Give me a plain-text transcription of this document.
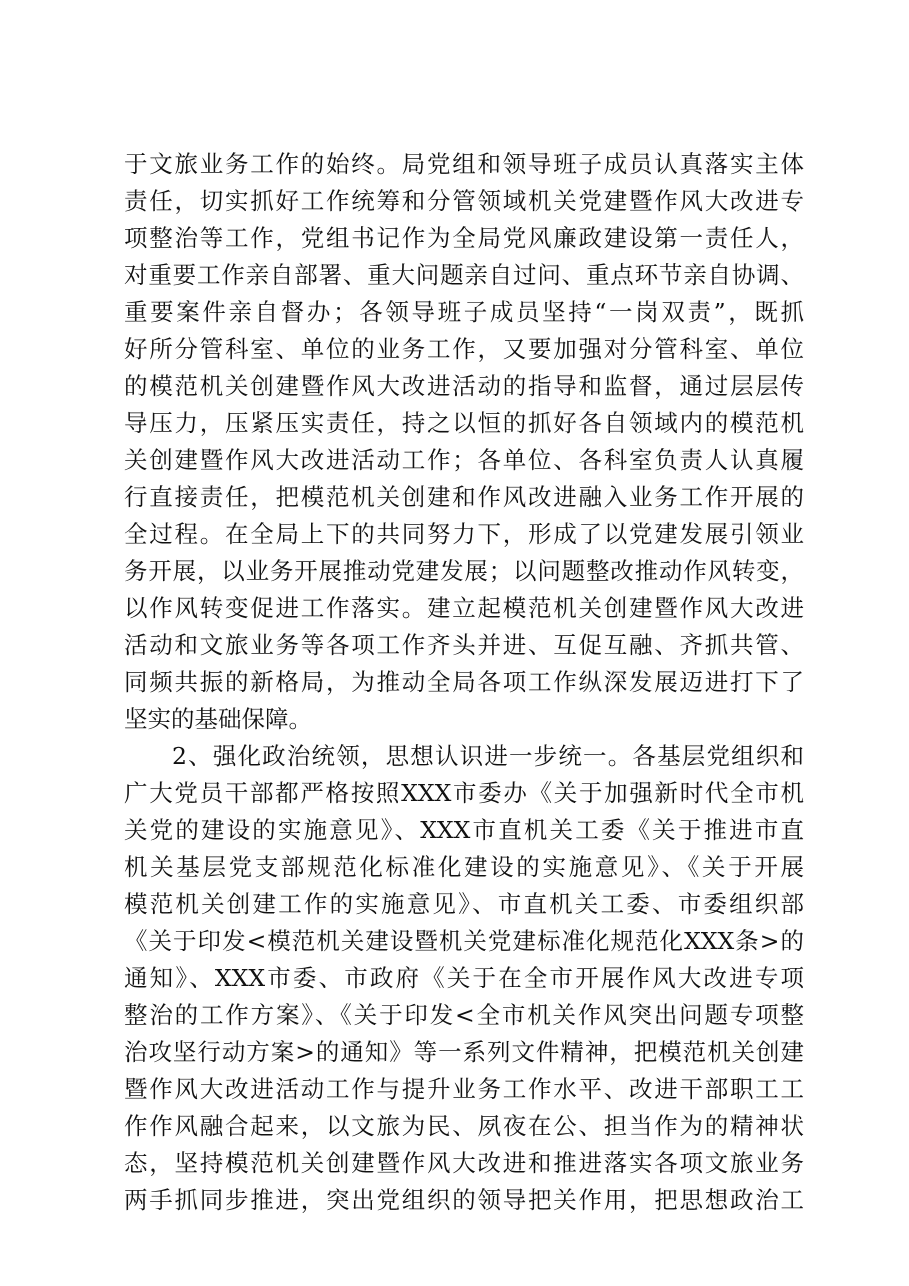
于文旅业务工作的始终。局党组和领导班子成员认真落实主体
责任，切实抓好工作统筹和分管领域机关党建暨作风大改进专
项整治等工作，党组书记作为全局党风廉政建设第一责任人，
对重要工作亲自部署、重大问题亲自过问、重点环节亲自协调、
重要案件亲自督办；各领导班子成员坚持“一岗双责”，既抓
好所分管科室、单位的业务工作，又要加强对分管科室、单位
的模范机关创建暨作风大改进活动的指导和监督，通过层层传
导压力，压紧压实责任，持之以恒的抓好各自领域内的模范机
关创建暨作风大改进活动工作；各单位、各科室负责人认真履
行直接责任，把模范机关创建和作风改进融入业务工作开展的
全过程。在全局上下的共同努力下，形成了以党建发展引领业
务开展，以业务开展推动党建发展；以问题整改推动作风转变，
以作风转变促进工作落实。建立起模范机关创建暨作风大改进
活动和文旅业务等各项工作齐头并进、互促互融、齐抓共管、
同频共振的新格局，为推动全局各项工作纵深发展迈进打下了
坚实的基础保障。
2、强化政治统领，思想认识进一步统一。各基层党组织和
广大党员干部都严格按照XXX市委办《关于加强新时代全市机
关党的建设的实施意见》、XXX市直机关工委《关于推进市直
机关基层党支部规范化标准化建设的实施意见》、《关于开展
模范机关创建工作的实施意见》、市直机关工委、市委组织部
《关于印发<模范机关建设暨机关党建标准化规范化XXX条>的
通知》、XXX市委、市政府《关于在全市开展作风大改进专项
整治的工作方案》、《关于印发<全市机关作风突出问题专项整
治攻坚行动方案>的通知》等一系列文件精神，把模范机关创建
暨作风大改进活动工作与提升业务工作水平、改进干部职工工
作作风融合起来，以文旅为民、夙夜在公、担当作为的精神状
态，坚持模范机关创建暨作风大改进和推进落实各项文旅业务
两手抓同步推进，突出党组织的领导把关作用，把思想政治工
